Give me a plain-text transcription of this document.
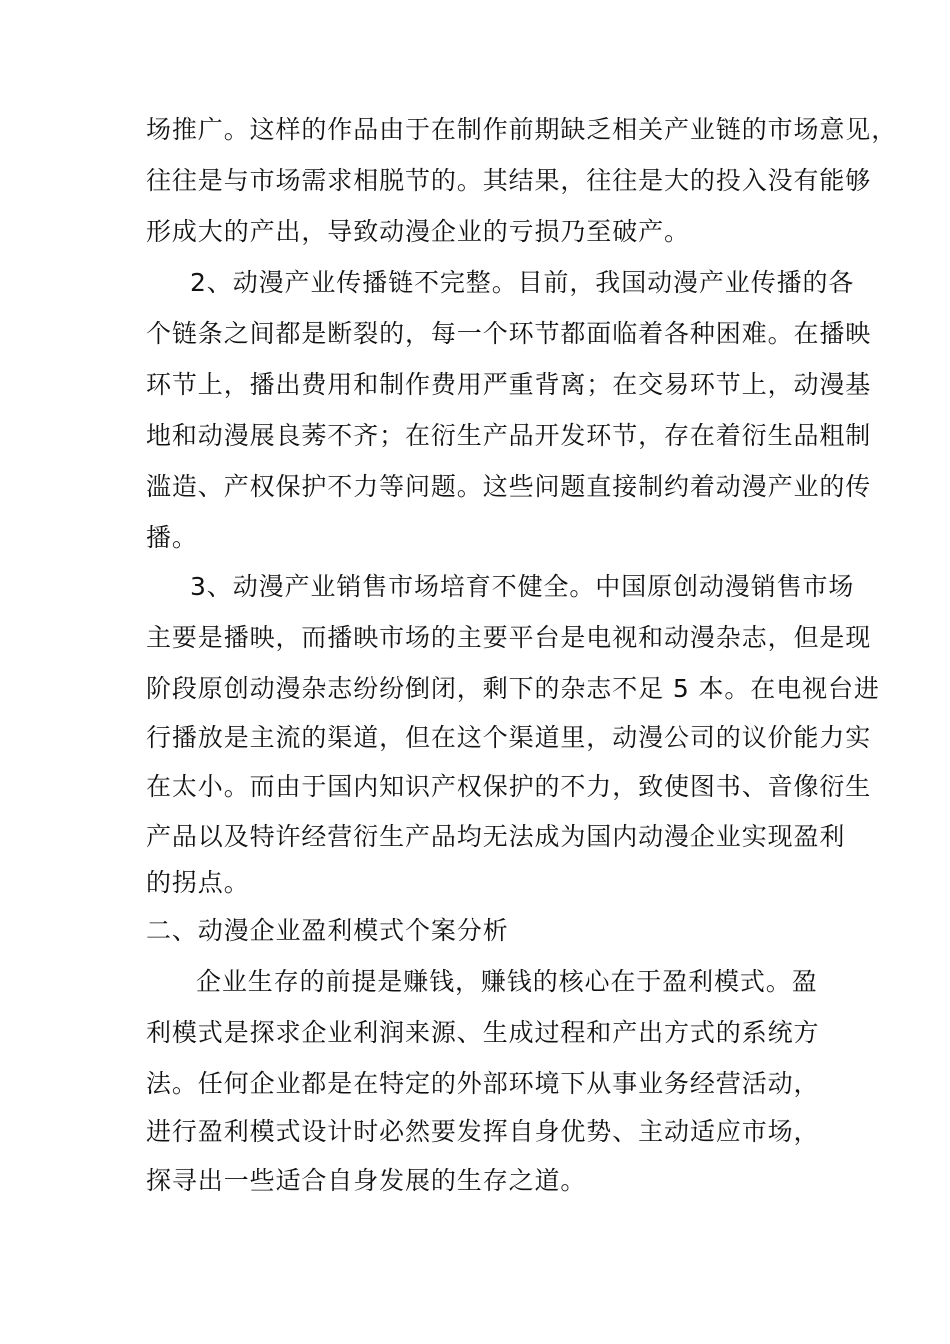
场推广。这样的作品由于在制作前期缺乏相关产业链的市场意见，
往往是与市场需求相脱节的。其结果，往往是大的投入没有能够
形成大的产出，导致动漫企业的亏损乃至破产。
2、动漫产业传播链不完整。目前，我国动漫产业传播的各
个链条之间都是断裂的，每一个环节都面临着各种困难。在播映
环节上，播出费用和制作费用严重背离；在交易环节上，动漫基
地和动漫展良莠不齐；在衍生产品开发环节，存在着衍生品粗制
滥造、产权保护不力等问题。这些问题直接制约着动漫产业的传
播。
3、动漫产业销售市场培育不健全。中国原创动漫销售市场
主要是播映，而播映市场的主要平台是电视和动漫杂志，但是现
阶段原创动漫杂志纷纷倒闭，剩下的杂志不足 5 本。在电视台进
行播放是主流的渠道，但在这个渠道里，动漫公司的议价能力实
在太小。而由于国内知识产权保护的不力，致使图书、音像衍生
产品以及特许经营衍生产品均无法成为国内动漫企业实现盈利
的拐点。
二、动漫企业盈利模式个案分析
企业生存的前提是赚钱，赚钱的核心在于盈利模式。盈
利模式是探求企业利润来源、生成过程和产出方式的系统方
法。任何企业都是在特定的外部环境下从事业务经营活动，
进行盈利模式设计时必然要发挥自身优势、主动适应市场，
探寻出一些适合自身发展的生存之道。
